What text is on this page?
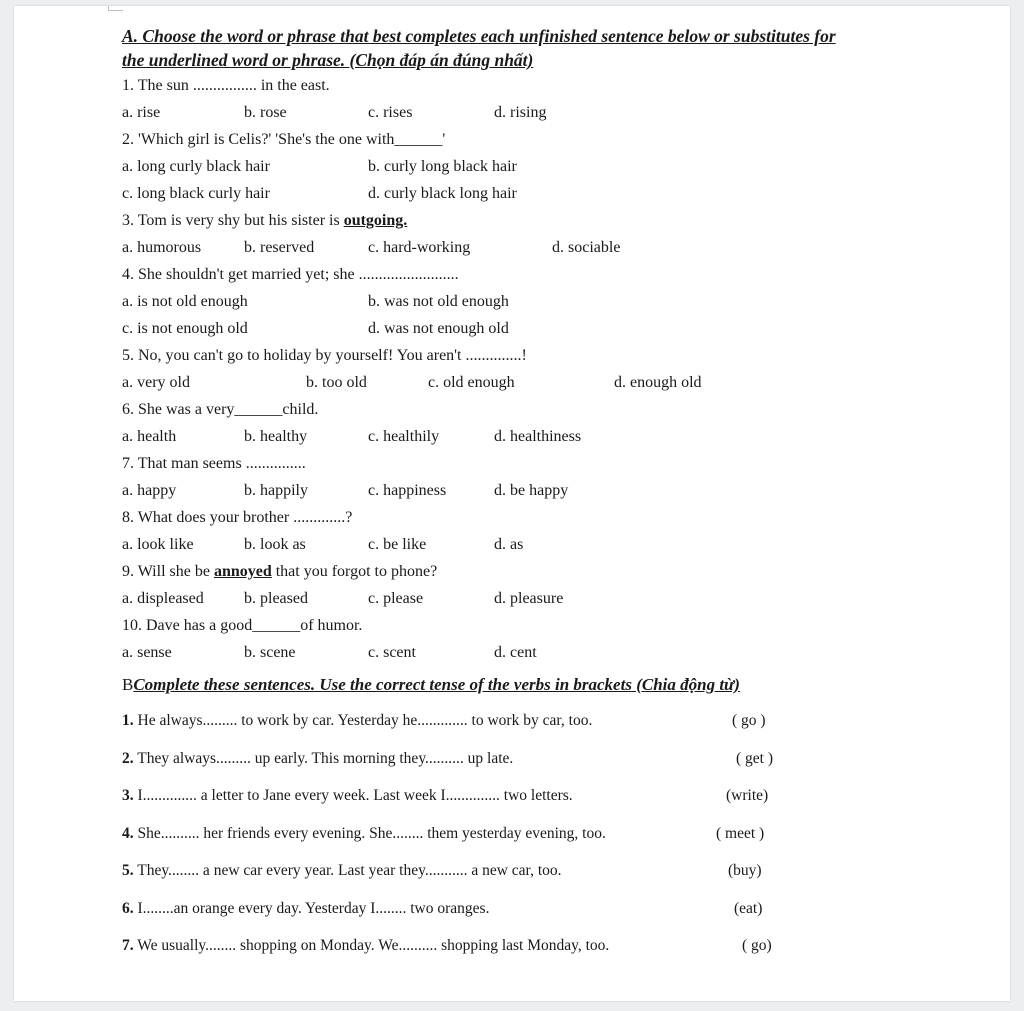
A. Choose the word or phrase that best completes each unfinished sentence below or substitutes for
the underlined word or phrase. (Chọn đáp án đúng nhất)
1. The sun ................ in the east.
a. rise	b. rose	c. rises	d. rising
2. 'Which girl is Celis?' 'She's the one with______'
a. long curly black hair	b. curly long black hair
c. long black curly hair	d. curly black long hair
3. Tom is very shy but his sister is outgoing.
a. humorous	b. reserved	c. hard-working	d. sociable
4. She shouldn't get married yet; she .........................
a. is not old enough	b. was not old enough
c. is not enough old	d. was not enough old
5. No, you can't go to holiday by yourself! You aren't ..............!
a. very old	b. too old	c. old enough	d. enough old
6. She was a very______child.
a. health	b. healthy	c. healthily	d. healthiness
7. That man seems ...............
a. happy	b. happily	c. happiness	d. be happy
8. What does your brother .............?
a. look like	b. look as	c. be like	d. as
9. Will she be annoyed that you forgot to phone?
a. displeased	b. pleased	c. please	d. pleasure
10. Dave has a good______of humor.
a. sense	b. scene	c. scent	d. cent
BComplete these sentences. Use the correct tense of the verbs in brackets (Chia động từ)
1. He always......... to work by car. Yesterday he............. to work by car, too.	( go )
2. They always......... up early. This morning they.......... up late.	( get )
3. I.............. a letter to Jane every week. Last week I.............. two letters.	(write)
4. She.......... her friends every evening. She........ them yesterday evening, too.	( meet )
5. They........ a new car every year. Last year they........... a new car, too.	(buy)
6. I........an orange every day. Yesterday I........ two oranges.	(eat)
7. We usually........ shopping on Monday. We.......... shopping last Monday, too.	( go)
